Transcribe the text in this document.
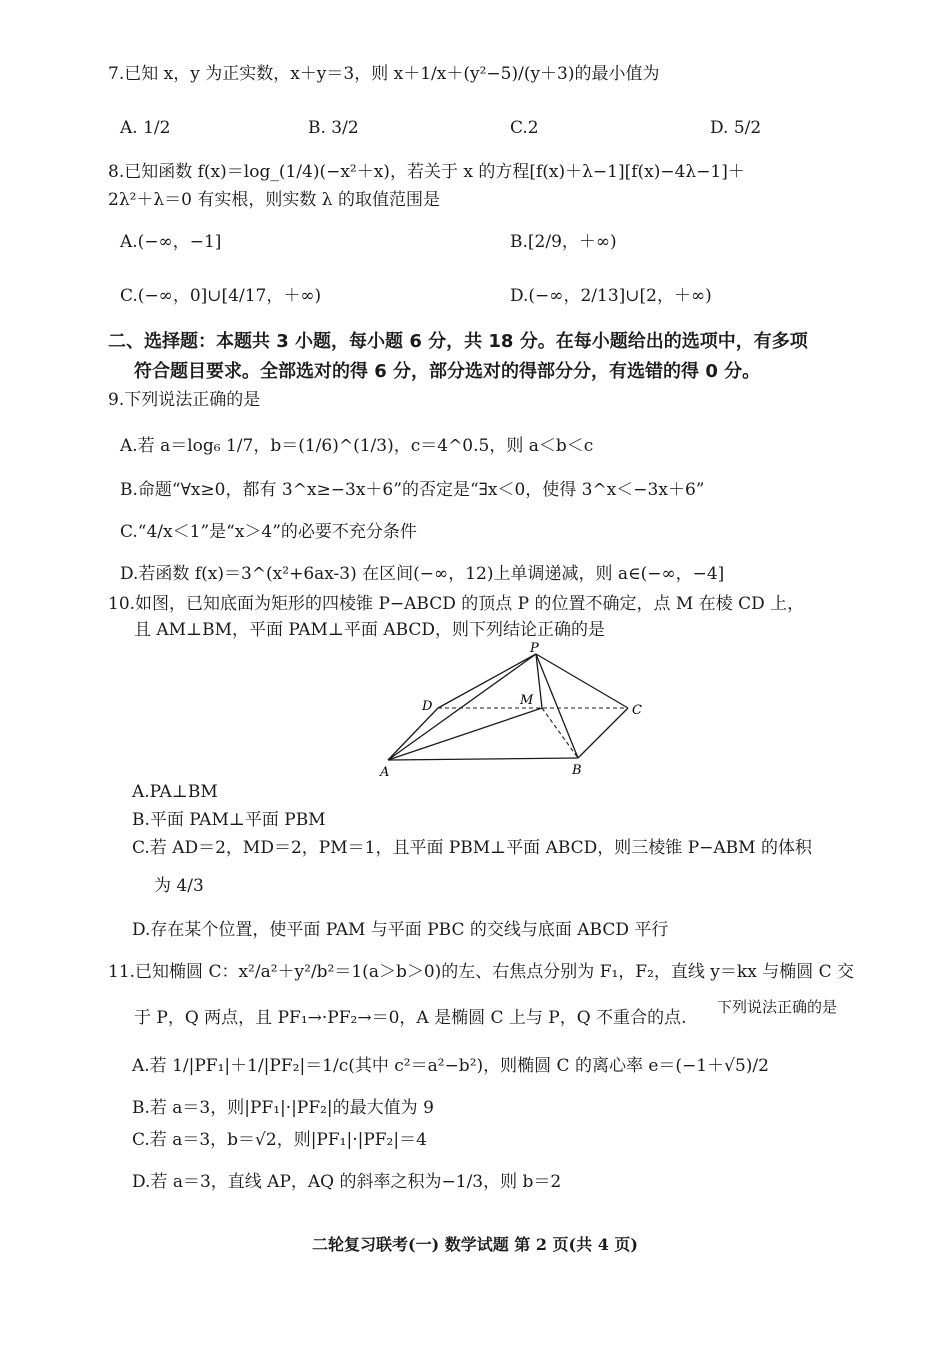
7.已知 x，y 为正实数，x＋y＝3，则 x＋1/x＋(y²−5)/(y＋3)的最小值为
A. 1/2	B. 3/2	C.2	D. 5/2
8.已知函数 f(x)＝log_(1/4)(−x²＋x)，若关于 x 的方程[f(x)＋λ−1][f(x)−4λ−1]＋
2λ²＋λ＝0 有实根，则实数 λ 的取值范围是
A.(−∞，−1]	B.[2/9，＋∞)
C.(−∞，0]∪[4/17，＋∞)	D.(−∞，2/13]∪[2，＋∞)
二、选择题：本题共 3 小题，每小题 6 分，共 18 分。在每小题给出的选项中，有多项
符合题目要求。全部选对的得 6 分，部分选对的得部分分，有选错的得 0 分。
9.下列说法正确的是
A.若 a＝log₆ 1/7，b＝(1/6)^(1/3)，c＝4^0.5，则 a＜b＜c
B.命题“∀x≥0，都有 3^x≥−3x＋6”的否定是“∃x＜0，使得 3^x＜−3x＋6”
C.“4/x＜1”是“x＞4”的必要不充分条件
D.若函数 f(x)＝3^(x²+6ax-3) 在区间(−∞，12)上单调递减，则 a∈(−∞，−4]
10.如图，已知底面为矩形的四棱锥 P−ABCD 的顶点 P 的位置不确定，点 M 在棱 CD 上，
且 AM⊥BM，平面 PAM⊥平面 ABCD，则下列结论正确的是
P
D	M
C
A	B
A.PA⊥BM
B.平面 PAM⊥平面 PBM
C.若 AD＝2，MD＝2，PM＝1，且平面 PBM⊥平面 ABCD，则三棱锥 P−ABM 的体积
为 4/3
D.存在某个位置，使平面 PAM 与平面 PBC 的交线与底面 ABCD 平行
11.已知椭圆 C：x²/a²＋y²/b²＝1(a＞b＞0)的左、右焦点分别为 F₁，F₂，直线 y＝kx 与椭圆 C 交
于 P，Q 两点，且 PF₁→·PF₂→＝0，A 是椭圆 C 上与 P，Q 不重合的点.
下列说法正确的是
A.若 1/|PF₁|＋1/|PF₂|＝1/c(其中 c²＝a²−b²)，则椭圆 C 的离心率 e＝(−1＋√5)/2
B.若 a＝3，则|PF₁|·|PF₂|的最大值为 9
C.若 a＝3，b＝√2，则|PF₁|·|PF₂|＝4
D.若 a＝3，直线 AP，AQ 的斜率之积为−1/3，则 b＝2
二轮复习联考(一) 数学试题 第 2 页(共 4 页)
